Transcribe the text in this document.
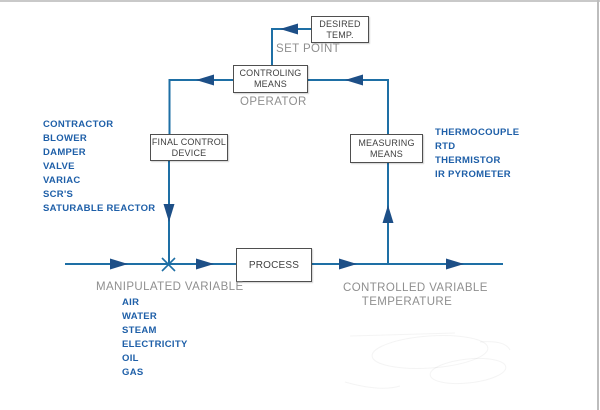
DESIRED
TEMP.
CONTROLING
MEANS
FINAL CONTROL
DEVICE
MEASURING
MEANS
PROCESS
SET POINT
OPERATOR
MANIPULATED VARIABLE	CONTROLLED VARIABLE
TEMPERATURE
CONTRACTOR
BLOWER
DAMPER
VALVE
VARIAC
SCR'S
SATURABLE REACTOR
THERMOCOUPLE
RTD
THERMISTOR
IR PYROMETER
AIR
WATER
STEAM
ELECTRICITY
OIL
GAS
